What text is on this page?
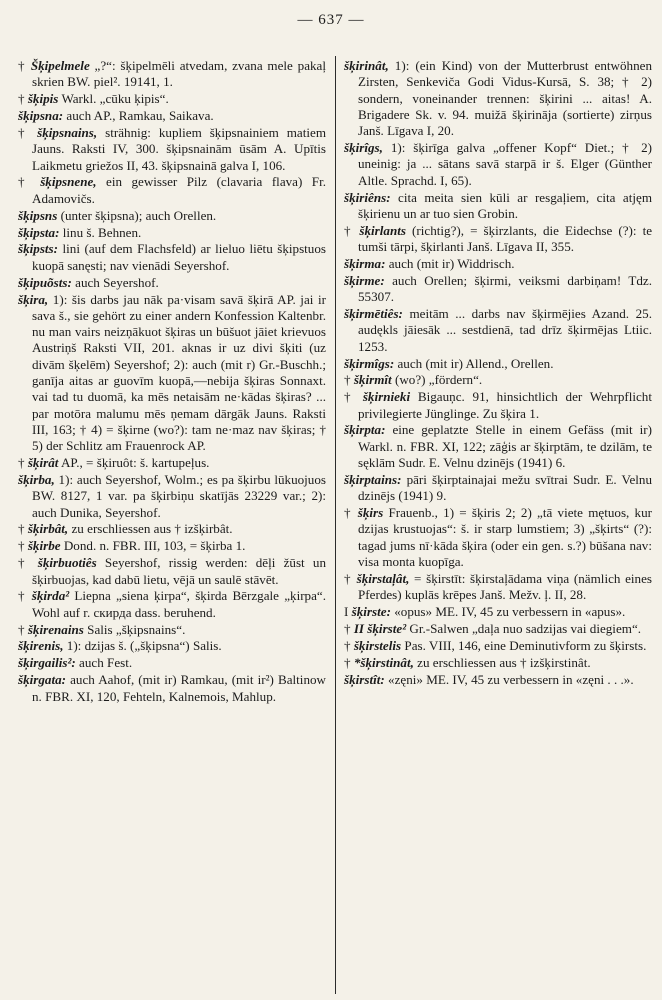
— 637 —
† Šķipelmele „?“: šķipelmēli atvedam, zvana mele pakaļ skrien BW. piel². 19141, 1.
† šķipis Warkl. „cūku ķipis“.
šķipsna: auch AP., Ramkau, Saikava.
† šķipsnains, strähnig: kupliem šķipsnainiem matiem Jauns. Raksti IV, 300. šķipsnainām ūsām A. Upītis Laikmetu griežos II, 43. šķipsnainā galva I, 106.
† šķipsnene, ein gewisser Pilz (clavaria flava) Fr. Adamovičs.
šķipsns (unter šķipsna); auch Orellen.
šķipsta: linu š. Behnen.
šķipsts: lini (auf dem Flachsfeld) ar lieluo liētu šķipstuos kuopā sanęsti; nav vienādi Seyershof.
šķipuõsts: auch Seyershof.
šķira, 1): šis darbs jau nāk pa·visam savā šķirā AP. jai ir sava š., sie gehört zu einer andern Konfession Kaltenbr. nu man vairs neizņākuot šķiras un būšuot jāiet krievuos Austriņš Raksti VII, 201. aknas ir uz divi šķiti (uz divām šķelēm) Seyershof; 2): auch (mit r) Gr.-Buschh.; ganīja aitas ar guovīm kuopā,—nebija šķiras Sonnaxt. vai tad tu duomā, ka mēs netaisām ne·kādas šķiras? ... par motōra malumu mēs ņemam dārgāk Jauns. Raksti III, 163; † 4) = šķirne (wo?): tam ne·maz nav šķiras; † 5) der Schlitz am Frauenrock AP.
† šķirât AP., = šķiruôt: š. kartupeļus.
šķirba, 1): auch Seyershof, Wolm.; es pa šķirbu lūkuojuos BW. 8127, 1 var. pa šķirbiņu skatījās 23229 var.; 2): auch Dunika, Seyershof.
† šķirbât, zu erschliessen aus † izšķirbât.
† šķirbe Dond. n. FBR. III, 103, = šķirba 1.
† šķirbuotiês Seyershof, rissig werden: dēļi žūst un šķirbuojas, kad dabū lietu, vējā un saulē stāvēt.
† šķirda² Liepna „siena ķirpa“, šķirda Bērzgale „ķirpa“. Wohl auf r. скирда dass. beruhend.
† šķirenains Salis „šķipsnains“.
šķirenis, 1): dzijas š. („šķipsna“) Salis.
šķirgailis²: auch Fest.
šķirgata: auch Aahof, (mit ir) Ramkau, (mit ir²) Baltinow n. FBR. XI, 120, Fehteln, Kalnemois, Mahlup.
šķirinât, 1): (ein Kind) von der Mutterbrust entwöhnen Zirsten, Senkeviča Godi Vidus-Kursā, S. 38; † 2) sondern, voneinander trennen: šķirini ... aitas! A. Brigadere Sk. v. 94. muižā šķirināja (sortierte) zirņus Janš. Līgava I, 20.
šķirîgs, 1): šķirīga galva „offener Kopf“ Diet.; † 2) uneinig: ja ... sātans savā starpā ir š. Elger (Günther Altle. Sprachd. I, 65).
šķiriêns: cita meita sien kūli ar resgaļiem, cita atjęm šķirienu un ar tuo sien Grobin.
† šķirlants (richtig?), = šķirzlants, die Eidechse (?): te tumši tārpi, šķirlanti Janš. Līgava II, 355.
šķirma: auch (mit ir) Widdrisch.
šķirme: auch Orellen; šķirmi, veiksmi darbiņam! Tdz. 55307.
šķirmētiês: meitām ... darbs nav šķirmējies Azand. 25. audękls jāiesāk ... sestdienā, tad drīz šķirmējas Ltiic. 1253.
šķirmîgs: auch (mit ir) Allend., Orellen.
† šķirmît (wo?) „fördern“.
† šķirnieki Bigauņc. 91, hinsichtlich der Wehrpflicht privilegierte Jünglinge. Zu šķira 1.
šķirpta: eine geplatzte Stelle in einem Gefäss (mit ir) Warkl. n. FBR. XI, 122; zāģis ar šķirptām, te dzilām, te sęklām Sudr. E. Velnu dzinējs (1941) 6.
šķirptains: pāri šķirptainajai mežu svītrai Sudr. E. Velnu dzinējs (1941) 9.
† šķirs Frauenb., 1) = šķiris 2; 2) „tā viete mętuos, kur dzijas krustuojas“: š. ir starp lumstiem; 3) „šķirts“ (?): tagad jums nī·kāda šķira (oder ein gen. s.?) būšana nav: visa monta kuopīga.
† šķirstaļât, = šķirstīt: šķirstaļādama viņa (nämlich eines Pferdes) kuplās krēpes Janš. Mežv. ļ. II, 28.
I šķirste: «opus» ME. IV, 45 zu verbessern in «apus».
† II šķirste² Gr.-Salwen „daļa nuo sadzijas vai diegiem“.
† šķirstelis Pas. VIII, 146, eine Deminutivform zu šķirsts.
† *šķirstinât, zu erschliessen aus † izšķirstinât.
šķirstît: «zęni» ME. IV, 45 zu verbessern in «zęni . . .».
